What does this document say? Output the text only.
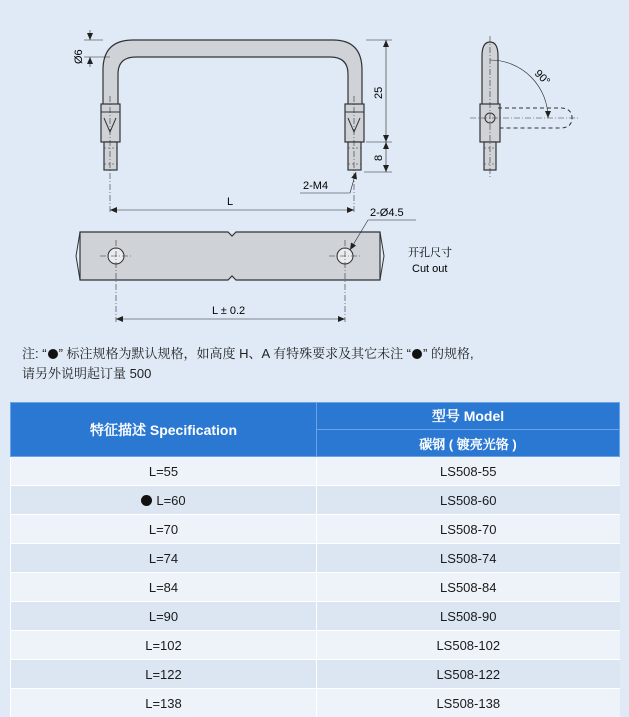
Ø6
25
8
2-M4
L
90°
2-Ø4.5
L ± 0.2
开孔尺寸
Cut out
注: “ ” 标注规格为默认规格，如高度 H、A 有特殊要求及其它未注 “ ” 的规格,
请另外说明起订量 500
特征描述 Specification	型号 Model
	碳钢 ( 镀亮光铬 )
L=55	LS508-55
L=60	LS508-60
L=70	LS508-70
L=74	LS508-74
L=84	LS508-84
L=90	LS508-90
L=102	LS508-102
L=122	LS508-122
L=138	LS508-138
